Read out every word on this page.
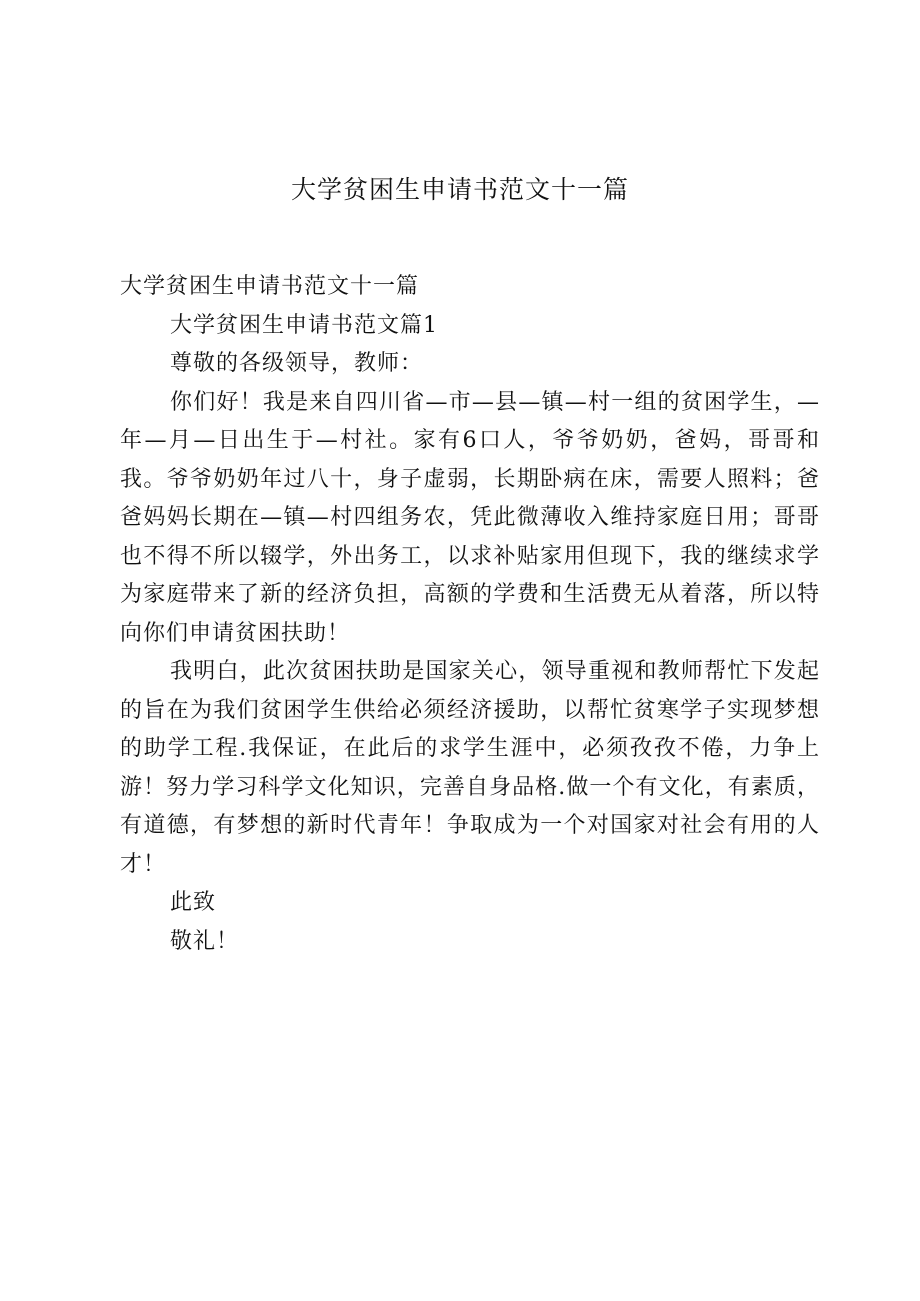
大学贫困生申请书范文十一篇

大学贫困生申请书范文十一篇

大学贫困生申请书范文篇1

尊敬的各级领导，教师：

你们好！我是来自四川省—市—县—镇—村一组的贫困学生，—年—月—日出生于—村社。家有6口人，爷爷奶奶，爸妈，哥哥和我。爷爷奶奶年过八十，身子虚弱，长期卧病在床，需要人照料；爸爸妈妈长期在—镇—村四组务农，凭此微薄收入维持家庭日用；哥哥也不得不所以辍学，外出务工，以求补贴家用但现下，我的继续求学为家庭带来了新的经济负担，高额的学费和生活费无从着落，所以特向你们申请贫困扶助！

我明白，此次贫困扶助是国家关心，领导重视和教师帮忙下发起的旨在为我们贫困学生供给必须经济援助，以帮忙贫寒学子实现梦想的助学工程.我保证，在此后的求学生涯中，必须孜孜不倦，力争上游！努力学习科学文化知识，完善自身品格.做一个有文化，有素质，有道德，有梦想的新时代青年！争取成为一个对国家对社会有用的人才！

此致

敬礼！
